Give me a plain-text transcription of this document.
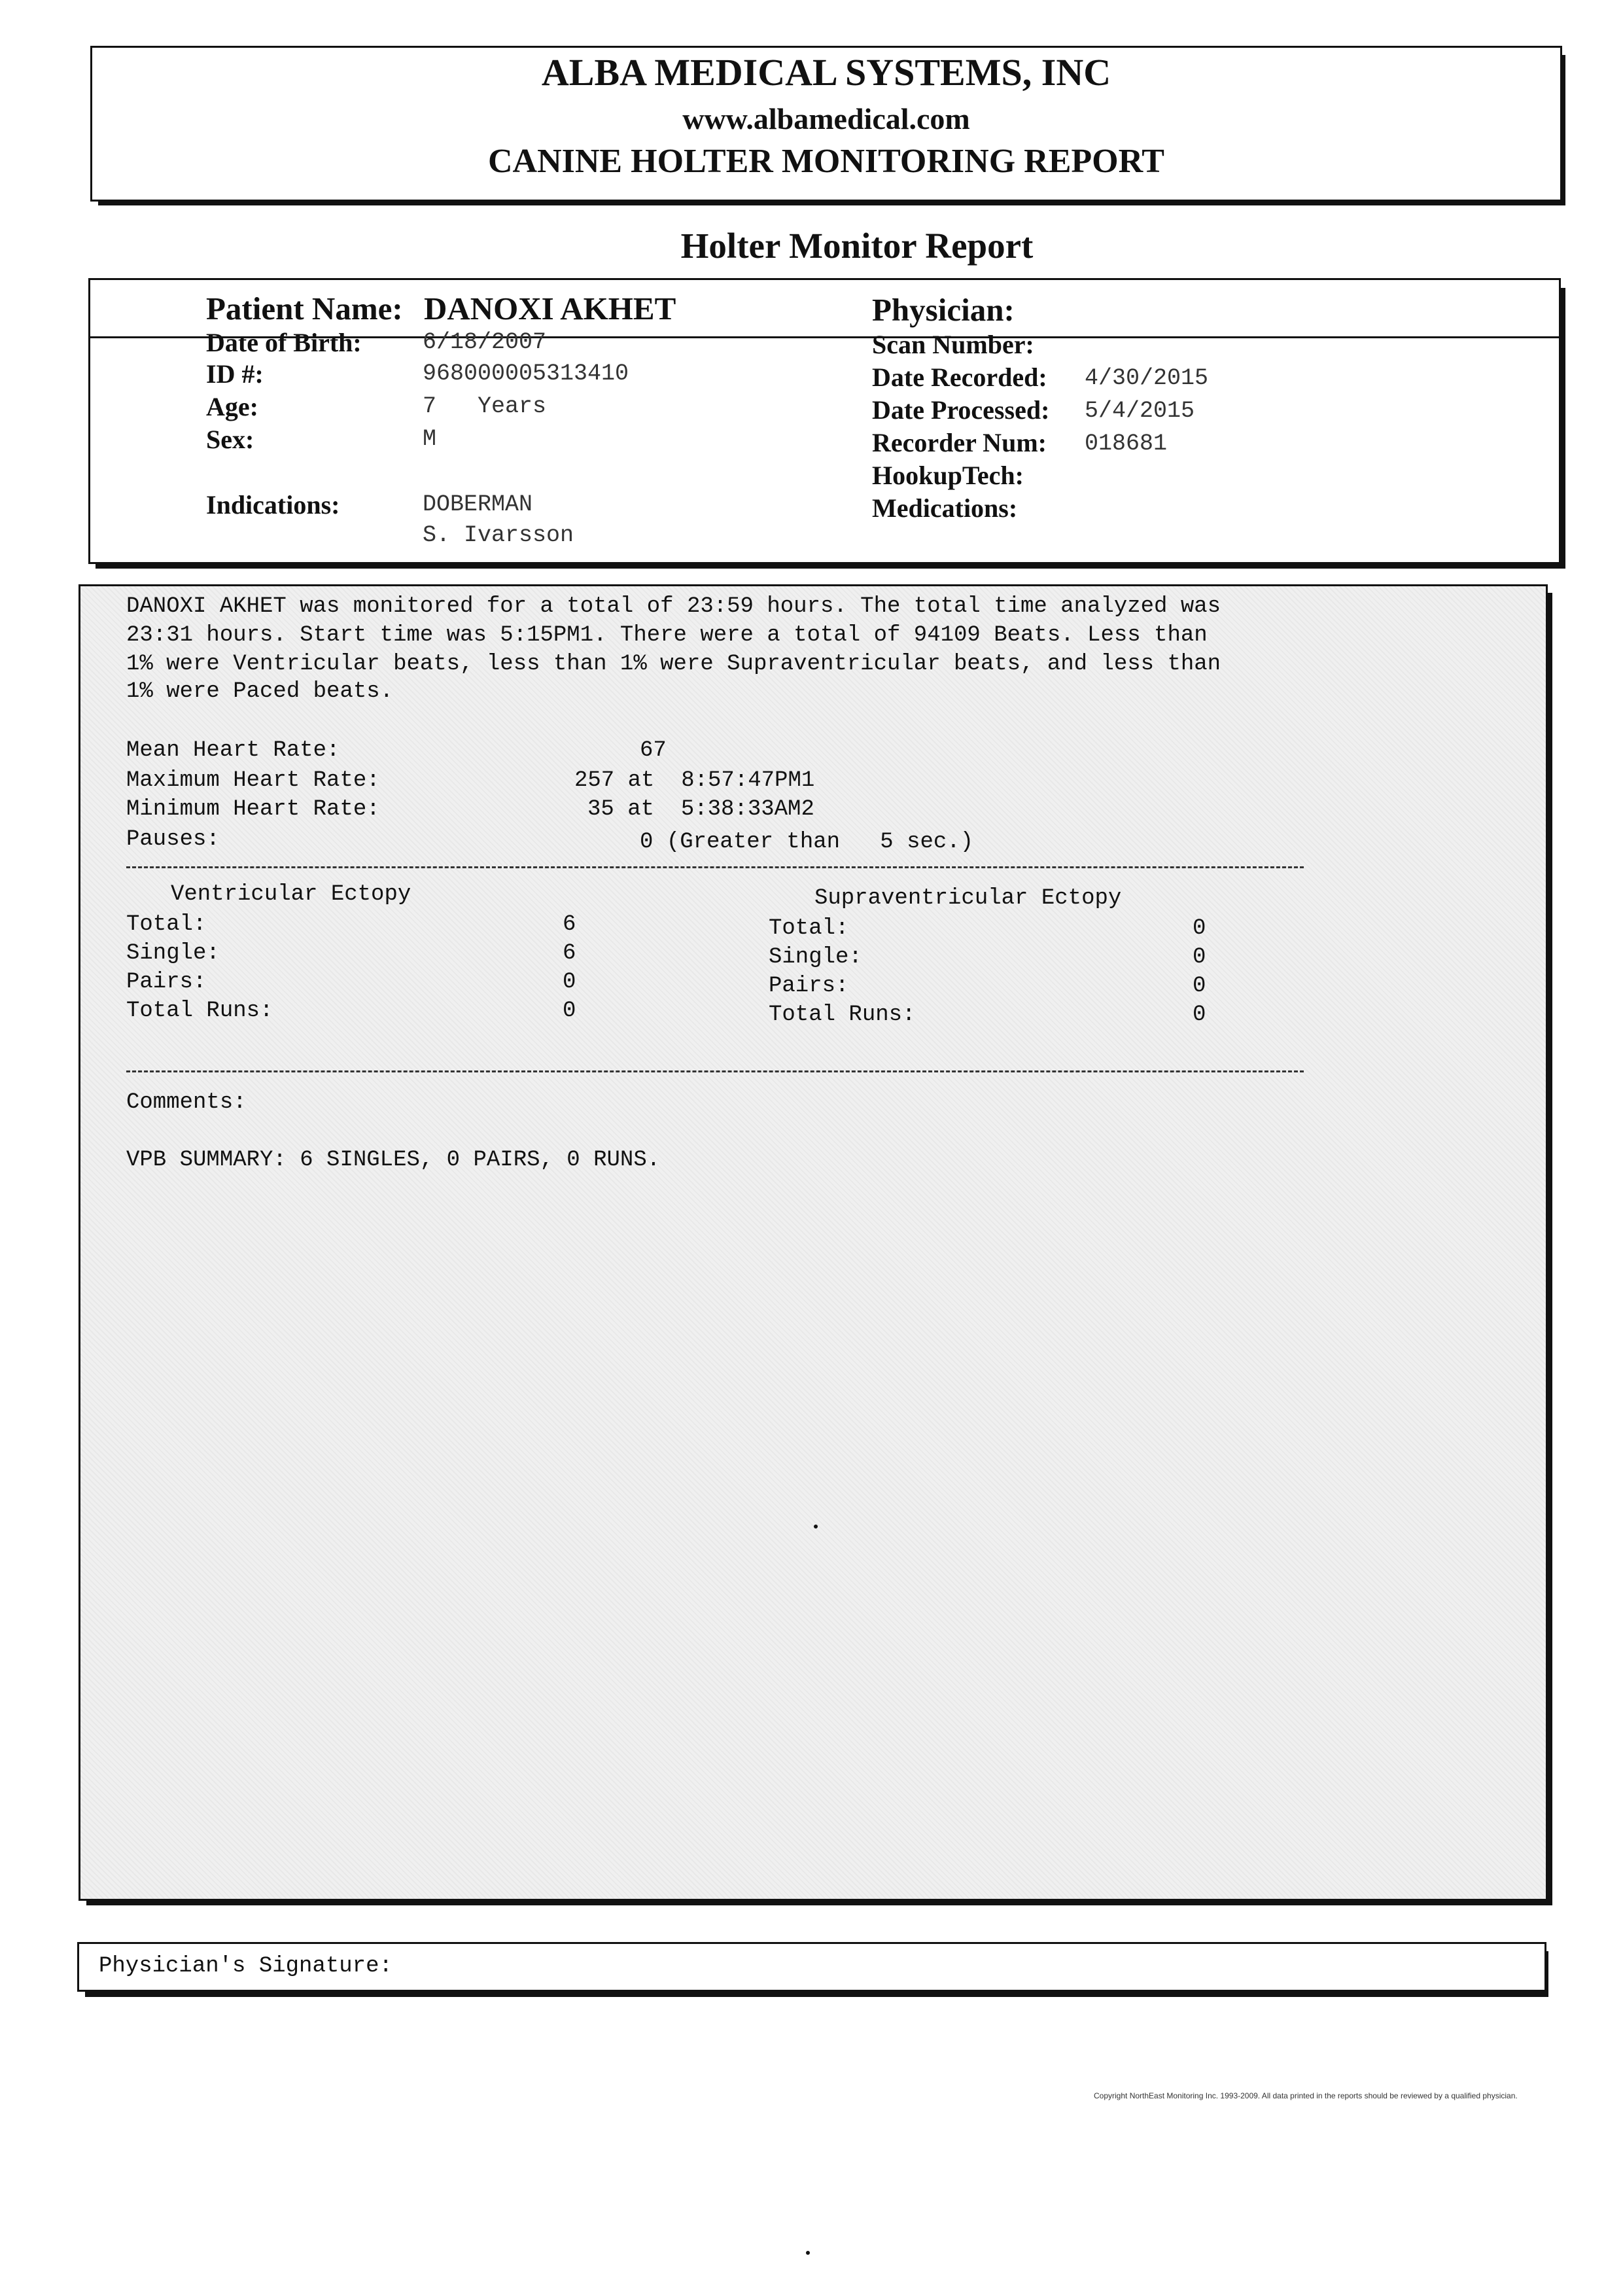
ALBA MEDICAL SYSTEMS, INC
www.albamedical.com
CANINE HOLTER MONITORING REPORT
Holter Monitor Report
Patient Name: DANOXI AKHET	Physician:
Date of Birth:	6/18/2007
ID #:	968000005313410
Age:	7   Years
Sex:	M
Indications:	DOBERMAN
S. Ivarsson
Scan Number:
Date Recorded: 4/30/2015
Date Processed: 5/4/2015
Recorder Num: 018681
HookupTech:
Medications:
DANOXI AKHET was monitored for a total of 23:59 hours. The total time analyzed was
23:31 hours. Start time was 5:15PM1. There were a total of 94109 Beats. Less than
1% were Ventricular beats, less than 1% were Supraventricular beats, and less than
1% were Paced beats.
Mean Heart Rate:	67
Maximum Heart Rate:	257 at  8:57:47PM1
Minimum Heart Rate:	35 at  5:38:33AM2
Pauses:	0 (Greater than   5 sec.)
Ventricular Ectopy
Total:	6
Single:	6
Pairs:	0
Total Runs:	0
Supraventricular Ectopy
Total:	0
Single:	0
Pairs:	0
Total Runs:	0
Comments:
VPB SUMMARY: 6 SINGLES, 0 PAIRS, 0 RUNS.
Physician's Signature:
Copyright NorthEast Monitoring Inc. 1993-2009. All data printed in the reports should be reviewed by a qualified physician.
